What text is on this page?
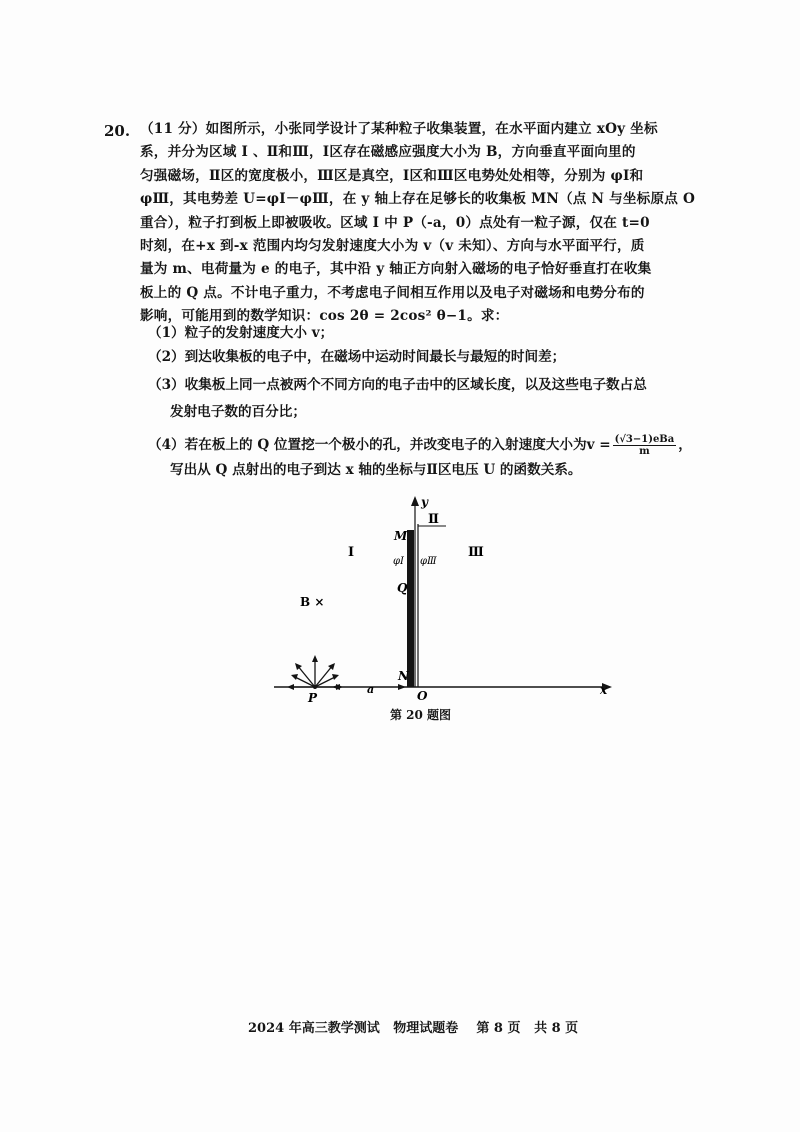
20. （11 分）如图所示，小张同学设计了某种粒子收集装置，在水平面内建立 xOy 坐标
系，并分为区域 Ⅰ 、Ⅱ和Ⅲ，Ⅰ区存在磁感应强度大小为 B，方向垂直平面向里的
匀强磁场，Ⅱ区的宽度极小，Ⅲ区是真空，Ⅰ区和Ⅲ区电势处处相等，分别为 φⅠ和
φⅢ，其电势差 U=φⅠ－φⅢ，在 y 轴上存在足够长的收集板 MN（点 N 与坐标原点 O
重合），粒子打到板上即被吸收。区域 Ⅰ 中 P（-a，0）点处有一粒子源，仅在 t=0
时刻，在+x 到-x 范围内均匀发射速度大小为 v（v 未知）、方向与水平面平行，质
量为 m、电荷量为 e 的电子，其中沿 y 轴正方向射入磁场的电子恰好垂直打在收集
板上的 Q 点。不计电子重力，不考虑电子间相互作用以及电子对磁场和电势分布的
影响，可能用到的数学知识：cos 2θ = 2cos² θ−1。求：
（1）粒子的发射速度大小 v；
（2）到达收集板的电子中，在磁场中运动时间最长与最短的时间差；
（3）收集板上同一点被两个不同方向的电子击中的区域长度，以及这些电子数占总
发射电子数的百分比；
（4）若在板上的 Q 位置挖一个极小的孔，并改变电子的入射速度大小为$v = \frac{\text{(√3−1)eBa}}{m}$ ，
写出从 Q 点射出的电子到达 x 轴的坐标与Ⅱ区电压 U 的函数关系。
Ⅱ
Ⅰ	Ⅲ
y
x
M
Q
N
O
P
a
φⅠ φⅢ
B ×
第 20 题图
2024 年高三教学测试   物理试题卷    第 8 页   共 8 页
